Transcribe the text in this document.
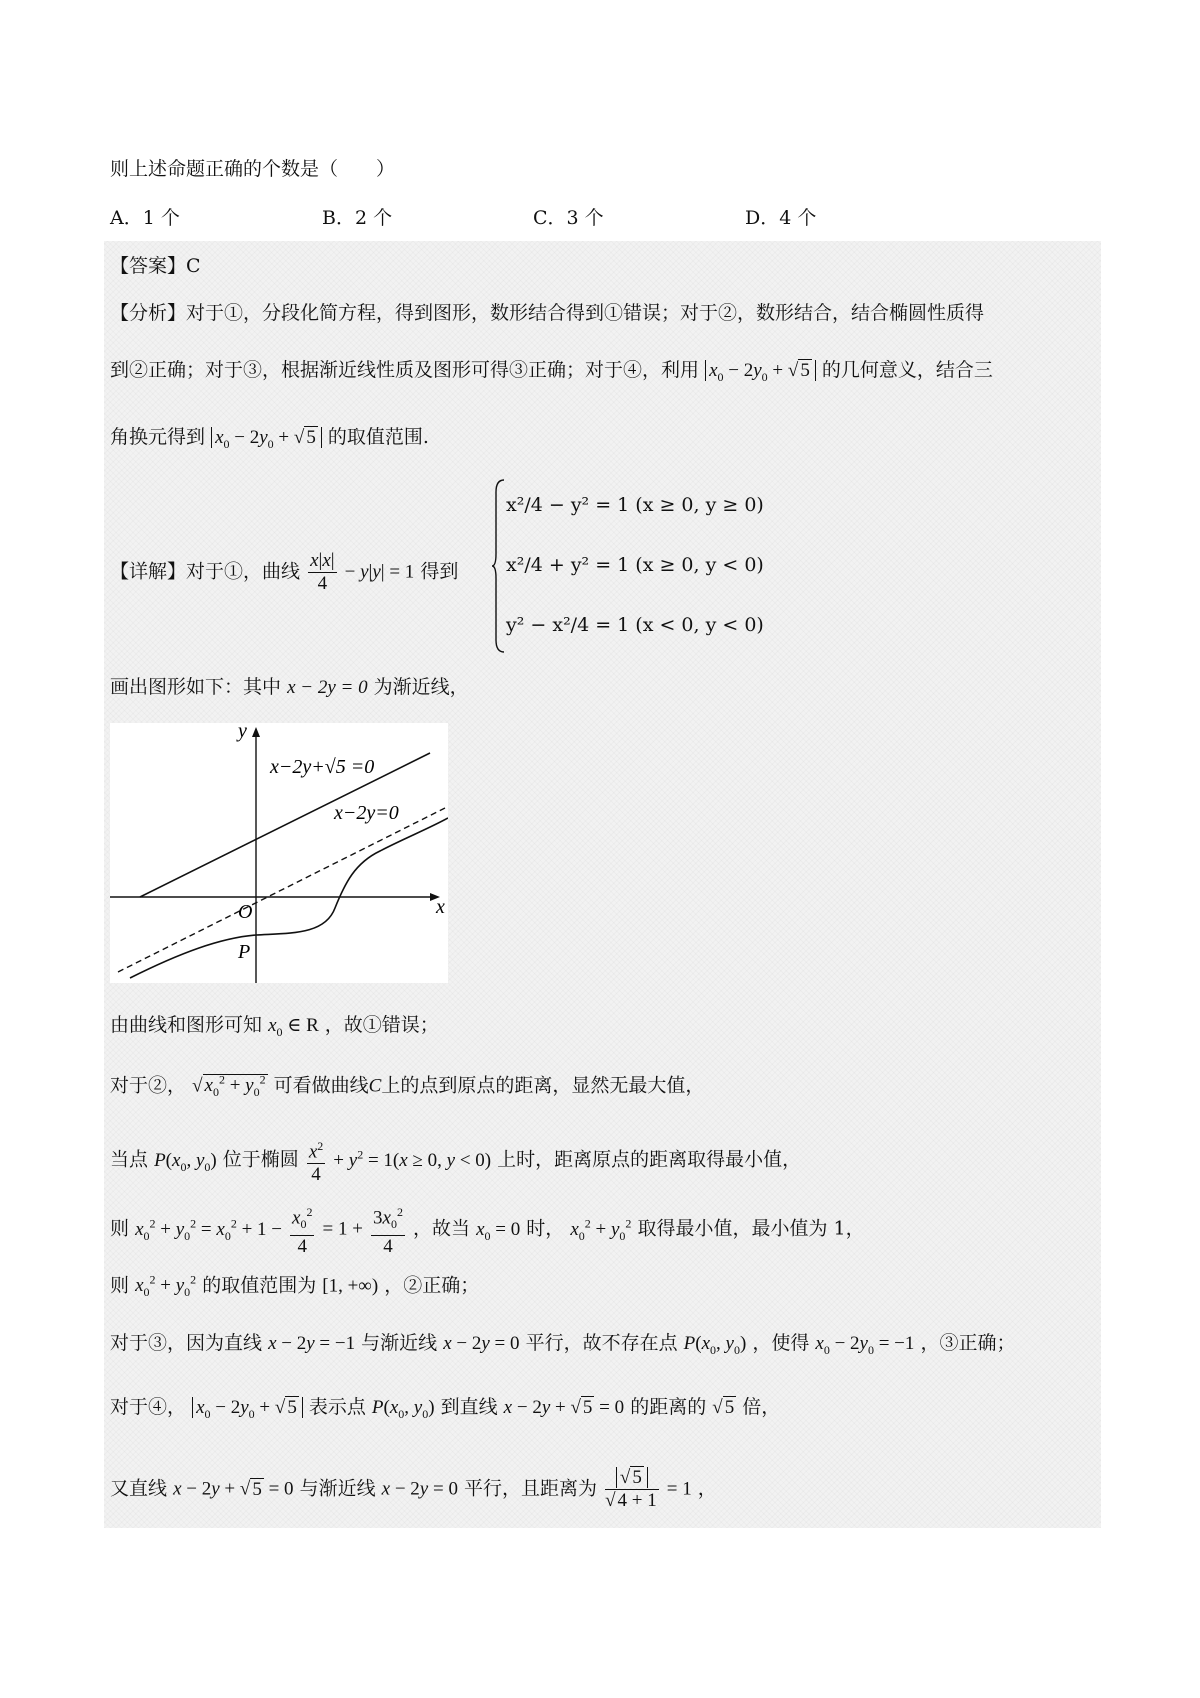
则上述命题正确的个数是（　　）
A．1 个	B．2 个	C．3 个	D．4 个
【答案】C
【分析】对于①，分段化简方程，得到图形，数形结合得到①错误；对于②，数形结合，结合椭圆性质得
到②正确；对于③，根据渐近线性质及图形可得③正确；对于④，利用 $x_0 - 2y_0$ + √ 5 的几何意义，结合三
角换元得到 $x_0 - 2y_0$ + √ 5 的取值范围.
【详解】对于①，曲线 $\frac{x|x|}{4} - y|y| = 1$ 得到
x²/4 − y² = 1 (x ≥ 0, y ≥ 0)
x²/4 + y² = 1 (x ≥ 0, y < 0)
y² − x²/4 = 1 (x < 0, y < 0)
画出图形如下：其中 x − 2y = 0 为渐近线，
y
x
O
P
x−2y+√5 =0
x−2y=0
由曲线和图形可知 $x_0$ ∈ R ，故①错误；
对于②， √ $x_0^2 + y_0^2$ 可看做曲线C上的点到原点的距离，显然无最大值，
当点 $P(x_0$, $y_0$) 位于椭圆 $\frac{x^2}{4} + y^2 = 1(x \ge 0$, y < 0) 上时，距离原点的距离取得最小值，
则 $x_0^2 + y_0^2 = x_0^2 + 1 - \frac{x_0^2}{4} = 1 + \frac{3x_0^2}{4}$ ，故当 $x_0 = 0$ 时， $x_0^2 + y_0^2$ 取得最小值，最小值为 1，
则 $x_0^2 + y_0^2$ 的取值范围为 [1, +∞) ，②正确；
对于③，因为直线 x − 2y = −1 与渐近线 x − 2y = 0 平行，故不存在点 $P(x_0$, $y_0$) ，使得 $x_0 - 2y_0 = -1$ ，③正确；
对于④， $x_0 - 2y_0$ + √ 5 表示点 $P(x_0$, $y_0$) 到直线 x − 2y + √ 5 = 0 的距离的 √ 5 倍，
又直线 x − 2y + √ 5 = 0 与渐近线 x − 2y = 0 平行，且距离为 $\frac{√ 5}{√ 4 + 1} = 1$ ，
